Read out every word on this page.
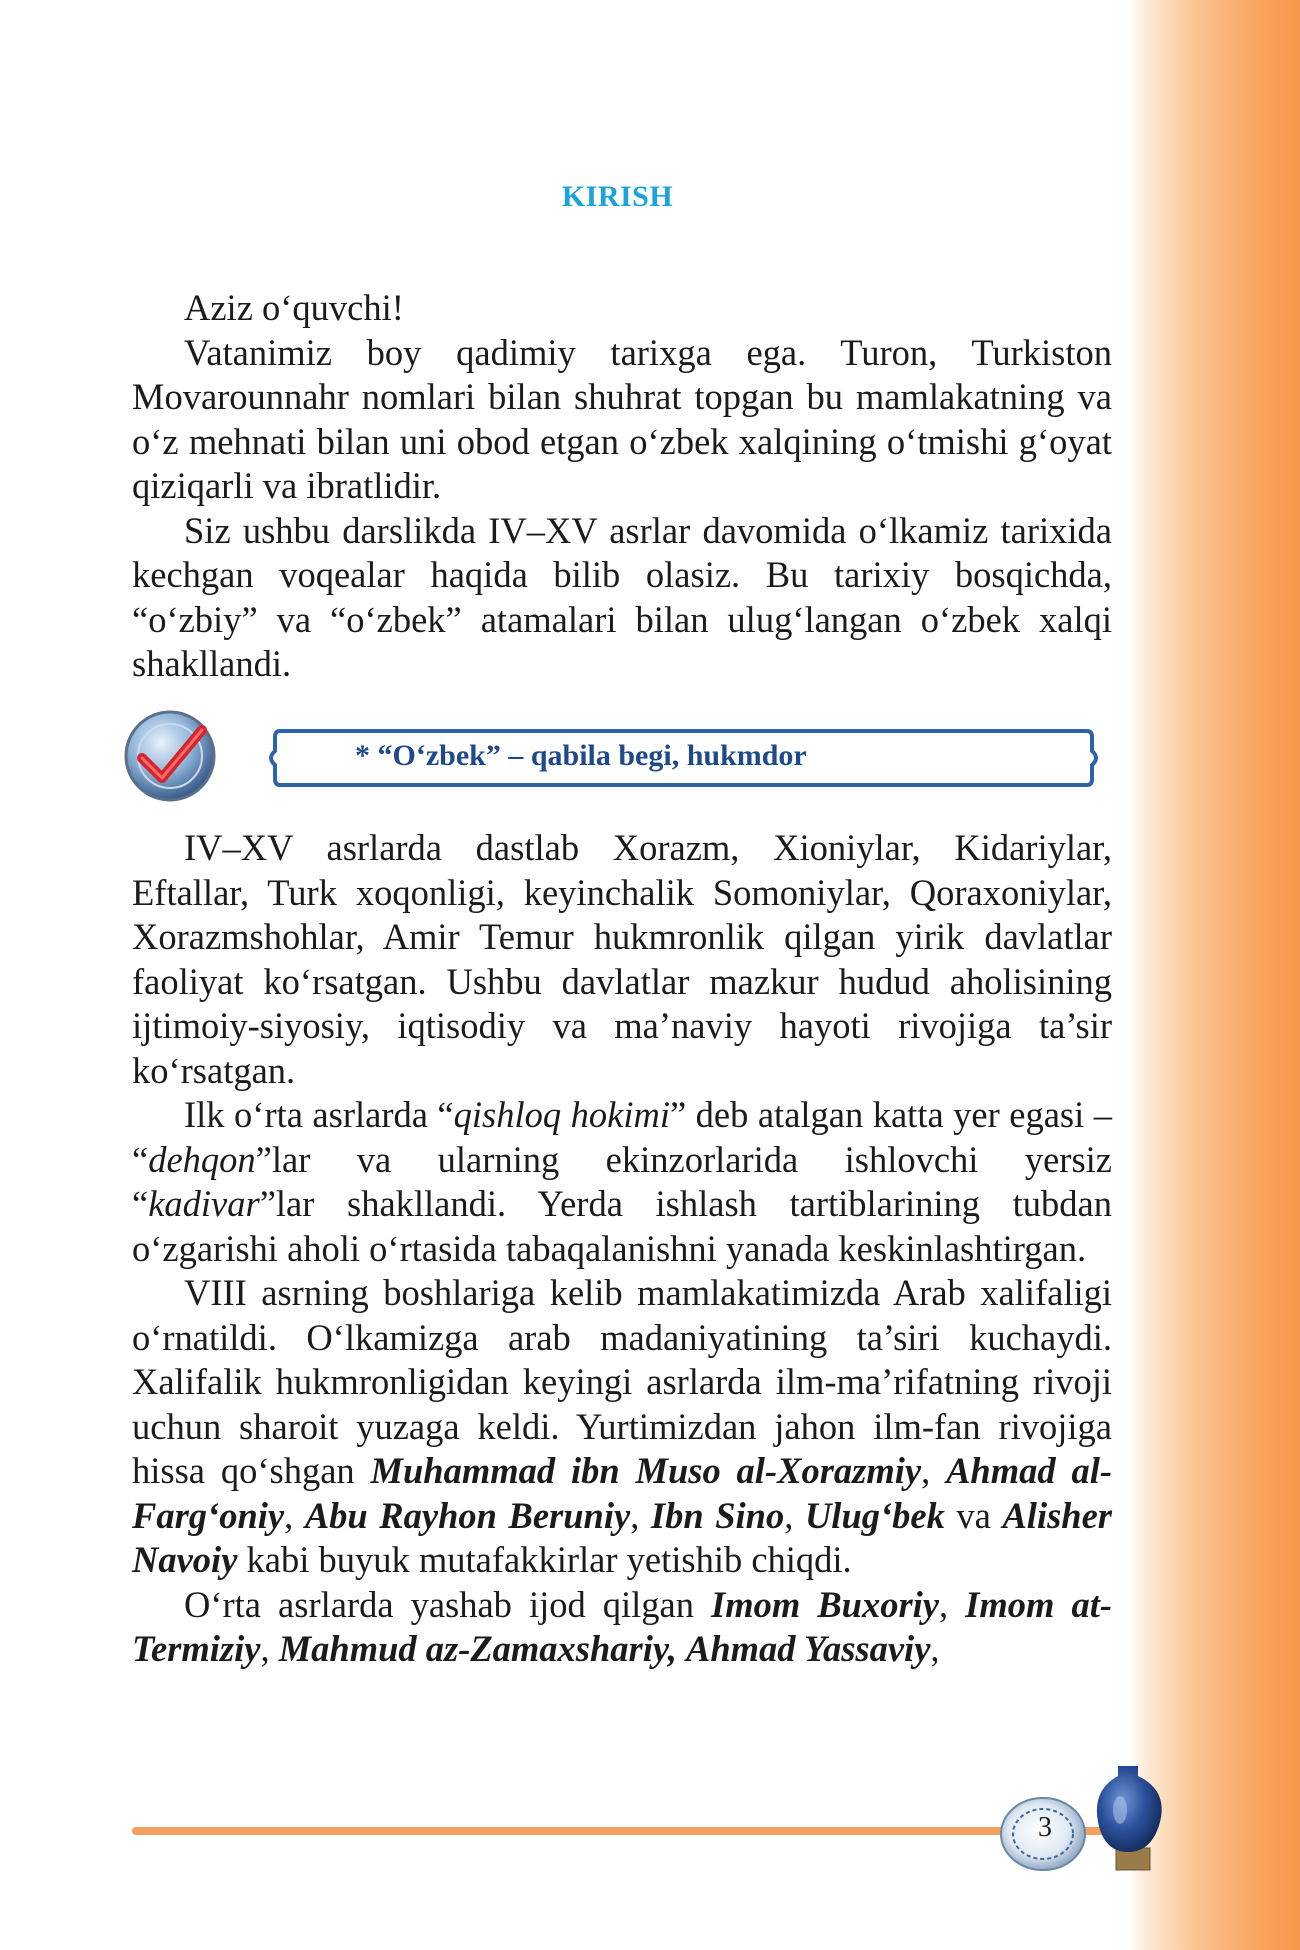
KIRISH

Aziz o‘quvchi!

Vatanimiz boy qadimiy tarixga ega. Turon, Turkiston Movarounnahr nomlari bilan shuhrat topgan bu mamlakatning va o‘z mehnati bilan uni obod etgan o‘zbek xalqining o‘tmishi g‘oyat qiziqarli va ibratlidir.

Siz ushbu darslikda IV–XV asrlar davomida o‘lkamiz tarixida kechgan voqealar haqida bilib olasiz. Bu tarixiy bosqichda, “o‘zbiy” va “o‘zbek” atamalari bilan ulug‘langan o‘zbek xalqi shakllandi.

* “O‘zbek” – qabila begi, hukmdor

IV–XV asrlarda dastlab Xorazm, Xioniylar, Kidariylar, Eftallar, Turk xoqonligi, keyinchalik Somoniylar, Qoraxoniylar, Xorazmshohlar, Amir Temur hukmronlik qilgan yirik davlatlar faoliyat ko‘rsatgan. Ushbu davlatlar mazkur hudud aholisining ijtimoiy-siyosiy, iqtisodiy va ma’naviy hayoti rivojiga ta’sir ko‘rsatgan.

Ilk o‘rta asrlarda “qishloq hokimi” deb atalgan katta yer egasi – “dehqon”lar va ularning ekinzorlarida ishlovchi yersiz “kadivar”lar shakllandi. Yerda ishlash tartiblarining tubdan o‘zgarishi aholi o‘rtasida tabaqalanishni yanada keskinlashtirgan.

VIII asrning boshlariga kelib mamlakatimizda Arab xalifaligi o‘rnatildi. O‘lkamizga arab madaniyatining ta’siri kuchaydi. Xalifalik hukmronligidan keyingi asrlarda ilm-ma’rifatning rivoji uchun sharoit yuzaga keldi. Yurtimizdan jahon ilm-fan rivojiga hissa qo‘shgan Muhammad ibn Muso al-Xorazmiy, Ahmad al-Farg‘oniy, Abu Rayhon Beruniy, Ibn Sino, Ulug‘bek va Alisher Navoiy kabi buyuk mutafakkirlar yetishib chiqdi.

O‘rta asrlarda yashab ijod qilgan Imom Buxoriy, Imom at-Termiziy, Mahmud az-Zamaxshariy, Ahmad Yassaviy,

3
